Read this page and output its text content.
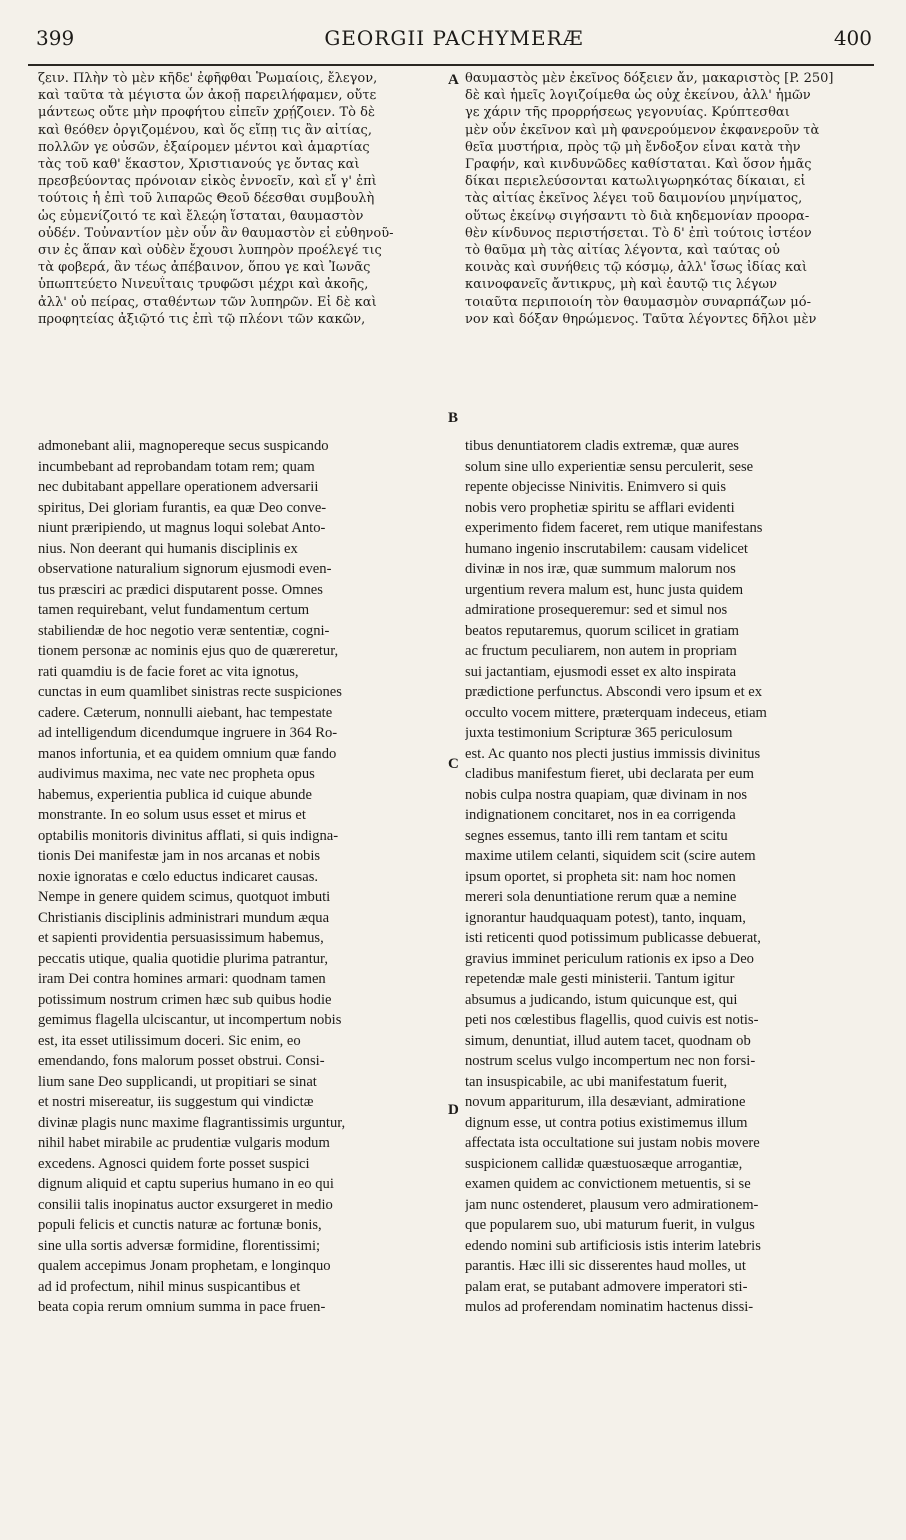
399	GEORGII PACHYMERÆ	400
ζειν. Πλὴν τὸ μὲν κῆδε' ἐφῆφθαι Ῥωμαίοις, ἔλεγον,
καὶ ταῦτα τὰ μέγιστα ὧν ἀκοῇ παρειλήφαμεν, οὔτε
μάντεως οὔτε μὴν προφήτου εἰπεῖν χρῄζοιεν. Τὸ δὲ
καὶ θεόθεν ὀργιζομένου, καὶ ὅς εἴπῃ τις ἂν αἰτίας,
πολλῶν γε οὐσῶν, ἐξαίρομεν μέντοι καὶ ἁμαρτίας
τὰς τοῦ καθ' ἕκαστον, Χριστιανούς γε ὄντας καὶ
πρεσβεύοντας πρόνοιαν εἰκὸς ἐννοεῖν, καὶ εἴ γ' ἐπὶ
τούτοις ἡ ἐπὶ τοῦ λιπαρῶς Θεοῦ δέεσθαι συμβουλὴ
ὡς εὐμενίζοιτό τε καὶ ἔλεῴη ἵσταται, θαυμαστὸν
οὐδέν. Τοὐναντίον μὲν οὖν ἂν θαυμαστὸν εἰ εὐθηνοῦ-
σιν ἐς ἅπαν καὶ οὐδὲν ἔχουσι λυπηρὸν προέλεγέ τις
τὰ φοβερά, ἃν τέως ἀπέβαινον, ὅπου γε καὶ Ἰωνᾶς
ὑπωπτεύετο Νινευΐταις τρυφῶσι μέχρι καὶ ἀκοῆς,
ἀλλ' οὐ πείρας, σταθέντων τῶν λυπηρῶν. Εἰ δὲ καὶ
προφητείας ἀξιῷτό τις ἐπὶ τῷ πλέονι τῶν κακῶν,
θαυμαστὸς μὲν ἐκεῖνος δόξειεν ἄν, μακαριστὸς [P. 250]
δὲ καὶ ἡμεῖς λογιζοίμεθα ὡς οὐχ ἐκείνου, ἀλλ' ἡμῶν
γε χάριν τῆς προρρήσεως γεγονυίας. Κρύπτεσθαι
μὲν οὖν ἐκεῖνον καὶ μὴ φανερούμενον ἐκφανεροῦν τὰ
θεῖα μυστήρια, πρὸς τῷ μὴ ἔνδοξον εἶναι κατὰ τὴν
Γραφήν, καὶ κινδυνῶδες καθίσταται. Καὶ ὅσον ἡμᾶς
δίκαι περιελεύσονται κατωλιγωρηκότας δίκαιαι, εἰ
τὰς αἰτίας ἐκεῖνος λέγει τοῦ δαιμονίου μηνίματος,
οὕτως ἐκείνῳ σιγήσαντι τὸ διὰ κηδεμονίαν προορα-
θὲν κίνδυνος περιστήσεται. Τὸ δ' ἐπὶ τούτοις ἰστέον
τὸ θαῦμα μὴ τὰς αἰτίας λέγοντα, καὶ ταύτας οὐ
κοινὰς καὶ συνήθεις τῷ κόσμῳ, ἀλλ' ἴσως ἰδίας καὶ
καινοφανεῖς ἄντικρυς, μὴ καὶ ἑαυτῷ τις λέγων
τοιαῦτα περιποιοίη τὸν θαυμασμὸν συναρπάζων μό-
νον καὶ δόξαν θηρώμενος. Ταῦτα λέγοντες δῆλοι μὲν
admonebant alii, magnopereque secus suspicando
incumbebant ad reprobandam totam rem; quam
nec dubitabant appellare operationem adversarii
spiritus, Dei gloriam furantis, ea quæ Deo conve-
niunt præripiendo, ut magnus loqui solebat Anto-
nius. Non deerant qui humanis disciplinis ex
observatione naturalium signorum ejusmodi even-
tus præsciri ac prædici disputarent posse. Omnes
tamen requirebant, velut fundamentum certum
stabiliendæ de hoc negotio veræ sententiæ, cogni-
tionem personæ ac nominis ejus quo de quæreretur,
rati quamdiu is de facie foret ac vita ignotus,
cunctas in eum quamlibet sinistras recte suspiciones
cadere. Cæterum, nonnulli aiebant, hac tempestate
ad intelligendum dicendumque ingruere in 364 Ro-
manos infortunia, et ea quidem omnium quæ fando
audivimus maxima, nec vate nec propheta opus
habemus, experientia publica id cuique abunde
monstrante. In eo solum usus esset et mirus et
optabilis monitoris divinitus afflati, si quis indigna-
tionis Dei manifestæ jam in nos arcanas et nobis
noxie ignoratas e cœlo eductus indicaret causas.
Nempe in genere quidem scimus, quotquot imbuti
Christianis disciplinis administrari mundum æqua
et sapienti providentia persuasissimum habemus,
peccatis utique, qualia quotidie plurima patrantur,
iram Dei contra homines armari: quodnam tamen
potissimum nostrum crimen hæc sub quibus hodie
gemimus flagella ulciscantur, ut incompertum nobis
est, ita esset utilissimum doceri. Sic enim, eo
emendando, fons malorum posset obstrui. Consi-
lium sane Deo supplicandi, ut propitiari se sinat
et nostri misereatur, iis suggestum qui vindictæ
divinæ plagis nunc maxime flagrantissimis urguntur,
nihil habet mirabile ac prudentiæ vulgaris modum
excedens. Agnosci quidem forte posset suspici
dignum aliquid et captu superius humano in eo qui
consilii talis inopinatus auctor exsurgeret in medio
populi felicis et cunctis naturæ ac fortunæ bonis,
sine ulla sortis adversæ formidine, florentissimi;
qualem accepimus Jonam prophetam, e longinquo
ad id profectum, nihil minus suspicantibus et
beata copia rerum omnium summa in pace fruen-
tibus denuntiatorem cladis extremæ, quæ aures
solum sine ullo experientiæ sensu perculerit, sese
repente objecisse Ninivitis. Enimvero si quis
nobis vero prophetiæ spiritu se afflari evidenti
experimento fidem faceret, rem utique manifestans
humano ingenio inscrutabilem: causam videlicet
divinæ in nos iræ, quæ summum malorum nos
urgentium revera malum est, hunc justa quidem
admiratione prosequeremur: sed et simul nos
beatos reputaremus, quorum scilicet in gratiam
ac fructum peculiarem, non autem in propriam
sui jactantiam, ejusmodi esset ex alto inspirata
prædictione perfunctus. Abscondi vero ipsum et ex
occulto vocem mittere, præterquam indeceus, etiam
juxta testimonium Scripturæ 365 periculosum
est. Ac quanto nos plecti justius immissis divinitus
cladibus manifestum fieret, ubi declarata per eum
nobis culpa nostra quapiam, quæ divinam in nos
indignationem concitaret, nos in ea corrigenda
segnes essemus, tanto illi rem tantam et scitu
maxime utilem celanti, siquidem scit (scire autem
ipsum oportet, si propheta sit: nam hoc nomen
mereri sola denuntiatione rerum quæ a nemine
ignorantur haudquaquam potest), tanto, inquam,
isti reticenti quod potissimum publicasse debuerat,
gravius imminet periculum rationis ex ipso a Deo
repetendæ male gesti ministerii. Tantum igitur
absumus a judicando, istum quicunque est, qui
peti nos cœlestibus flagellis, quod cuivis est notis-
simum, denuntiat, illud autem tacet, quodnam ob
nostrum scelus vulgo incompertum nec non forsi-
tan insuspicabile, ac ubi manifestatum fuerit,
novum appariturum, illa desæviant, admiratione
dignum esse, ut contra potius existimemus illum
affectata ista occultatione sui justam nobis movere
suspicionem callidæ quæstuosæque arrogantiæ,
examen quidem ac convictionem metuentis, si se
jam nunc ostenderet, plausum vero admirationem-
que popularem suo, ubi maturum fuerit, in vulgus
edendo nomini sub artificiosis istis interim latebris
parantis. Hæc illi sic disserentes haud molles, ut
palam erat, se putabant admovere imperatori sti-
mulos ad proferendam nominatim hactenus dissi-
A
B
C
D
